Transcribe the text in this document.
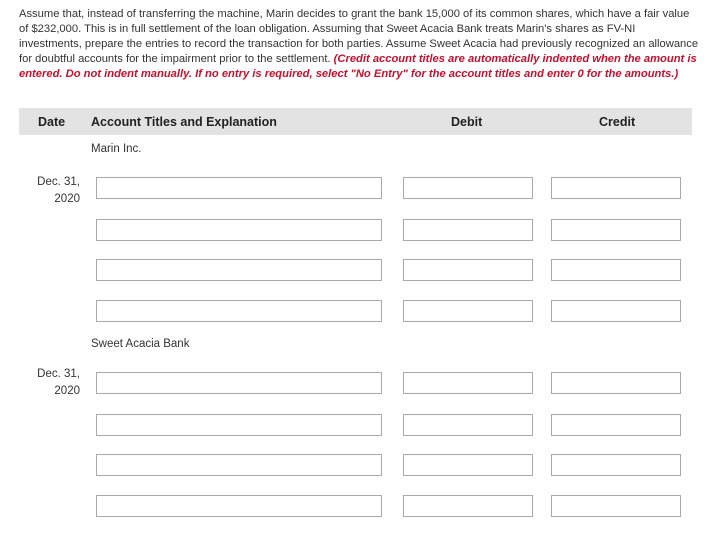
Assume that, instead of transferring the machine, Marin decides to grant the bank 15,000 of its common shares, which have a fair value of $232,000. This is in full settlement of the loan obligation. Assuming that Sweet Acacia Bank treats Marin's shares as FV-NI investments, prepare the entries to record the transaction for both parties. Assume Sweet Acacia had previously recognized an allowance for doubtful accounts for the impairment prior to the settlement. (Credit account titles are automatically indented when the amount is entered. Do not indent manually. If no entry is required, select "No Entry" for the account titles and enter 0 for the amounts.)
Date Account Titles and Explanation	Debit	Credit
Marin Inc.
Dec. 31,
2020
Sweet Acacia Bank
Dec. 31,
2020
